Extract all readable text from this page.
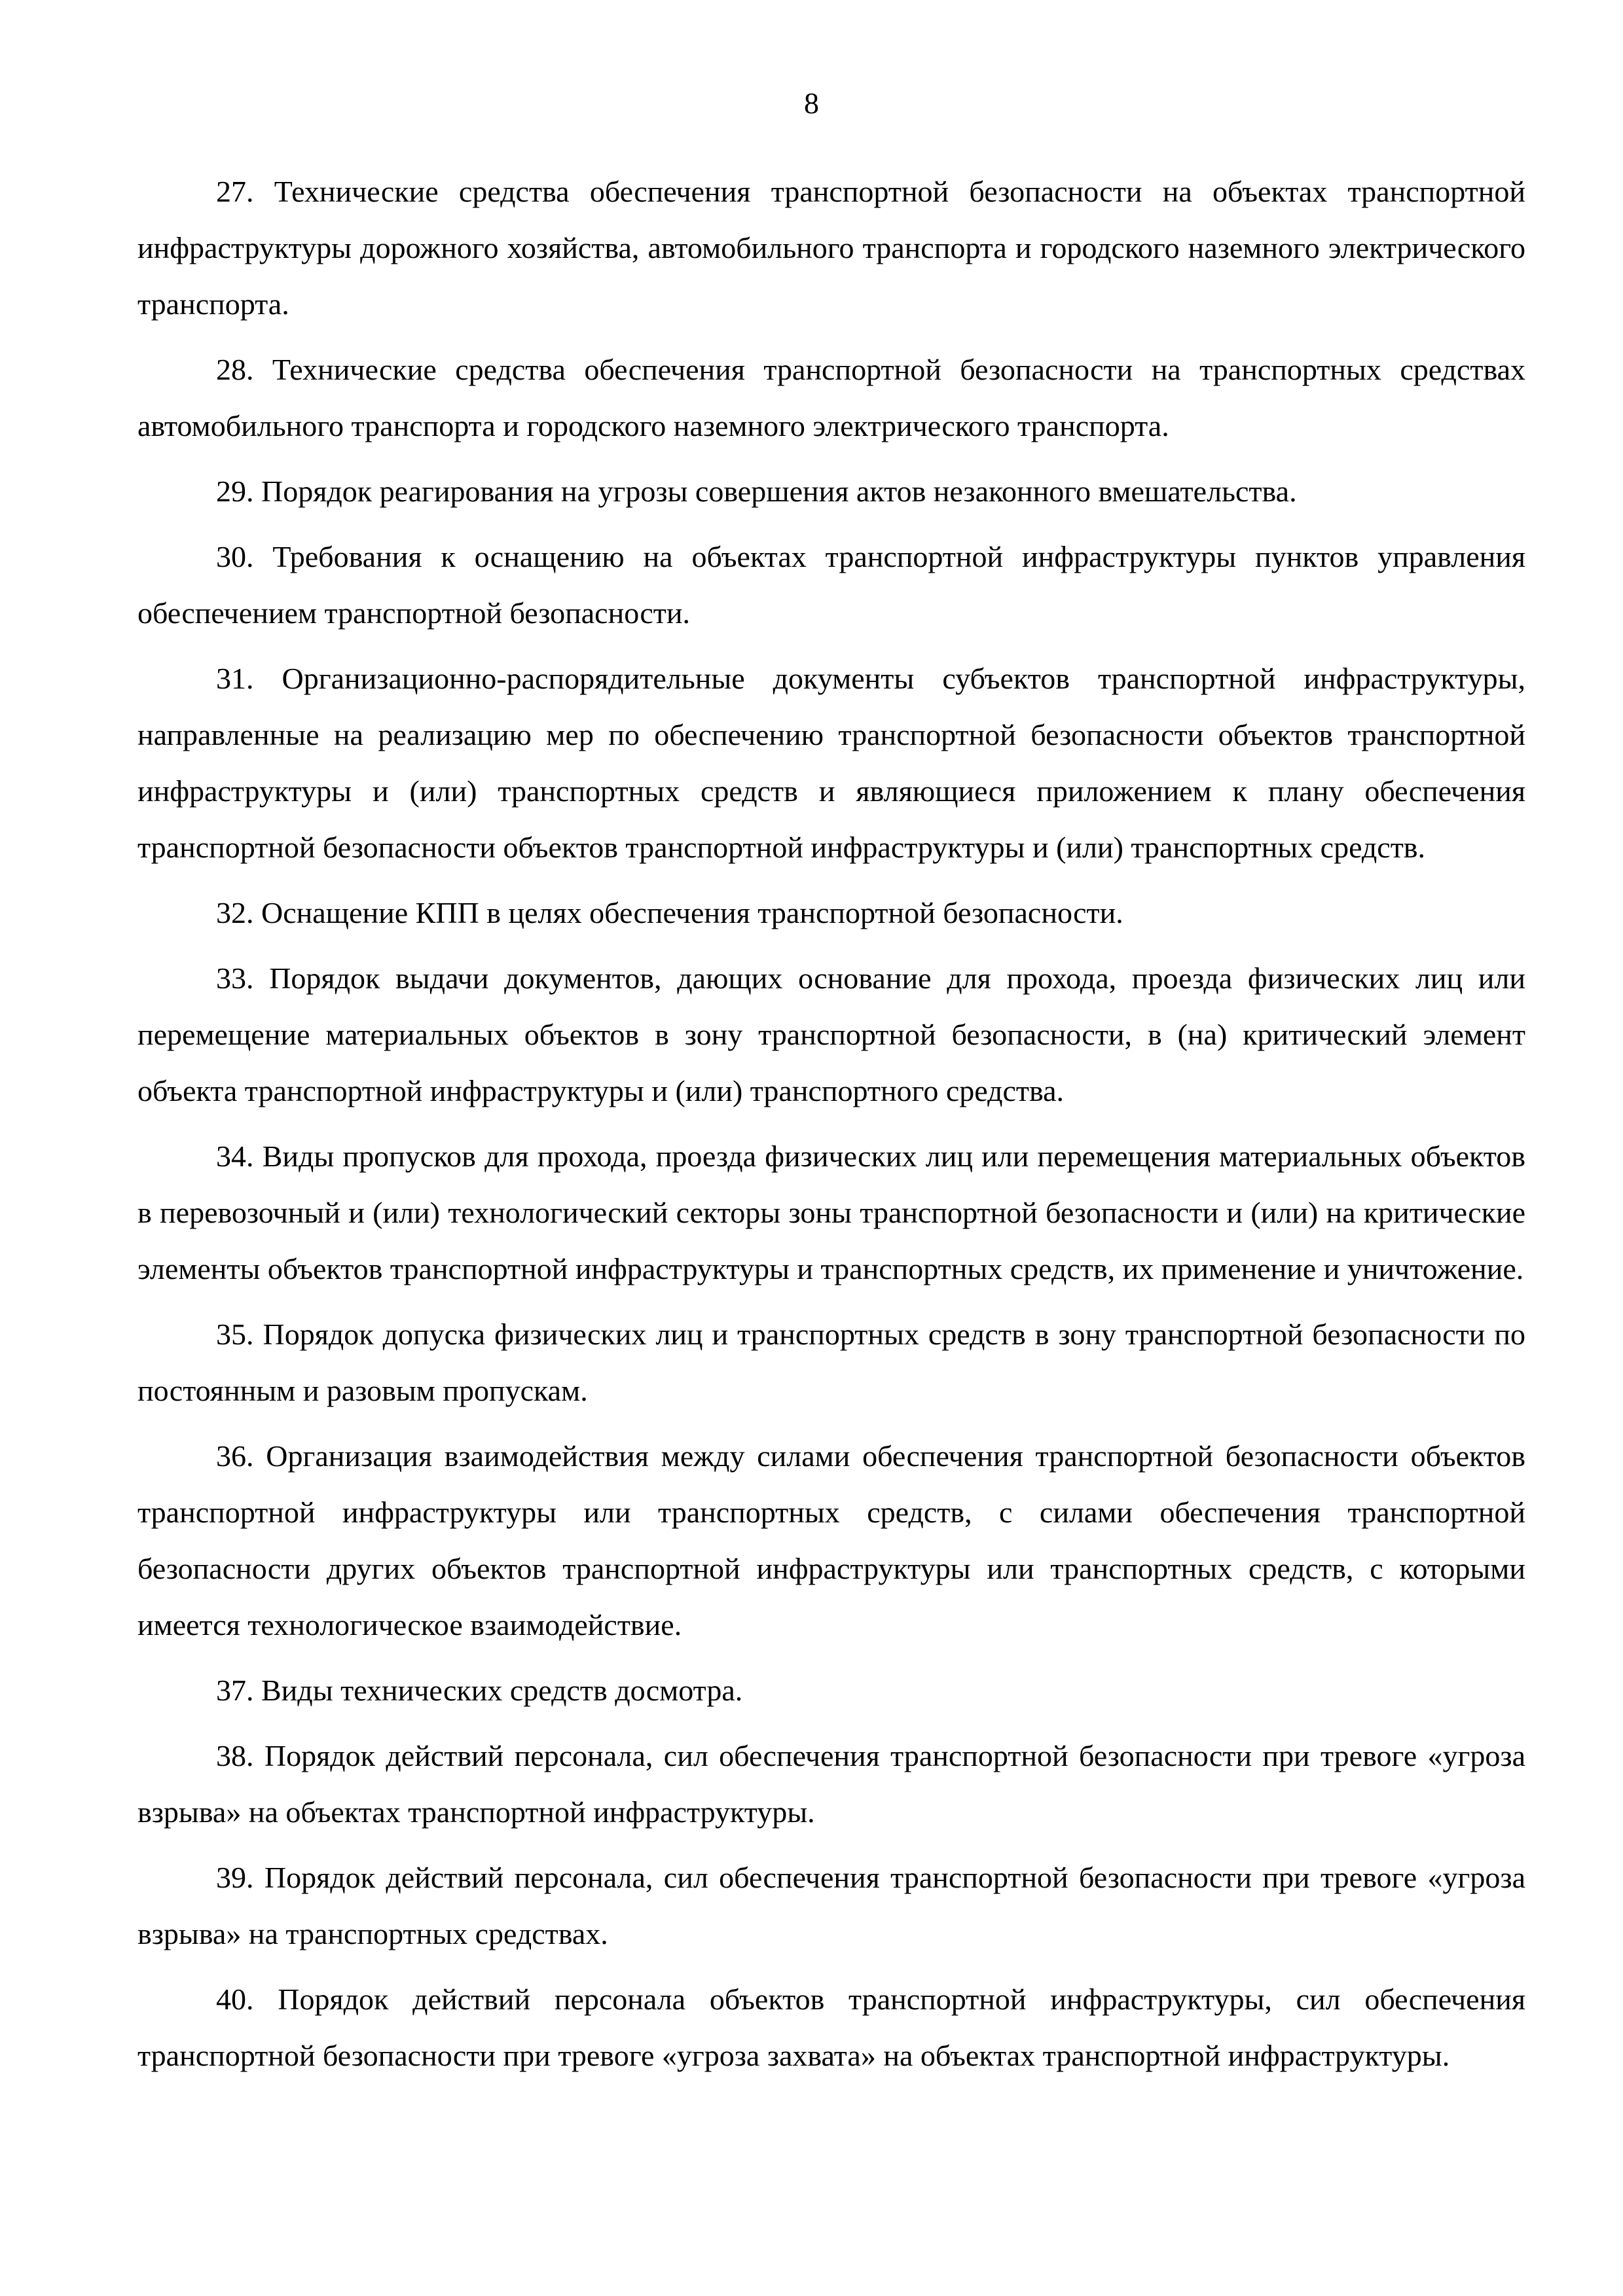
8

27. Технические средства обеспечения транспортной безопасности на объектах транспортной инфраструктуры дорожного хозяйства, автомобильного транспорта и городского наземного электрического транспорта.

28. Технические средства обеспечения транспортной безопасности на транспортных средствах автомобильного транспорта и городского наземного электрического транспорта.

29. Порядок реагирования на угрозы совершения актов незаконного вмешательства.

30. Требования к оснащению на объектах транспортной инфраструктуры пунктов управления обеспечением транспортной безопасности.

31. Организационно-распорядительные документы субъектов транспортной инфраструктуры, направленные на реализацию мер по обеспечению транспортной безопасности объектов транспортной инфраструктуры и (или) транспортных средств и являющиеся приложением к плану обеспечения транспортной безопасности объектов транспортной инфраструктуры и (или) транспортных средств.

32. Оснащение КПП в целях обеспечения транспортной безопасности.

33. Порядок выдачи документов, дающих основание для прохода, проезда физических лиц или перемещение материальных объектов в зону транспортной безопасности, в (на) критический элемент объекта транспортной инфраструктуры и (или) транспортного средства.

34. Виды пропусков для прохода, проезда физических лиц или перемещения материальных объектов в перевозочный и (или) технологический секторы зоны транспортной безопасности и (или) на критические элементы объектов транспортной инфраструктуры и транспортных средств, их применение и уничтожение.

35. Порядок допуска физических лиц и транспортных средств в зону транспортной безопасности по постоянным и разовым пропускам.

36. Организация взаимодействия между силами обеспечения транспортной безопасности объектов транспортной инфраструктуры или транспортных средств, с силами обеспечения транспортной безопасности других объектов транспортной инфраструктуры или транспортных средств, с которыми имеется технологическое взаимодействие.

37. Виды технических средств досмотра.

38. Порядок действий персонала, сил обеспечения транспортной безопасности при тревоге «угроза взрыва» на объектах транспортной инфраструктуры.

39. Порядок действий персонала, сил обеспечения транспортной безопасности при тревоге «угроза взрыва» на транспортных средствах.

40. Порядок действий персонала объектов транспортной инфраструктуры, сил обеспечения транспортной безопасности при тревоге «угроза захвата» на объектах транспортной инфраструктуры.
